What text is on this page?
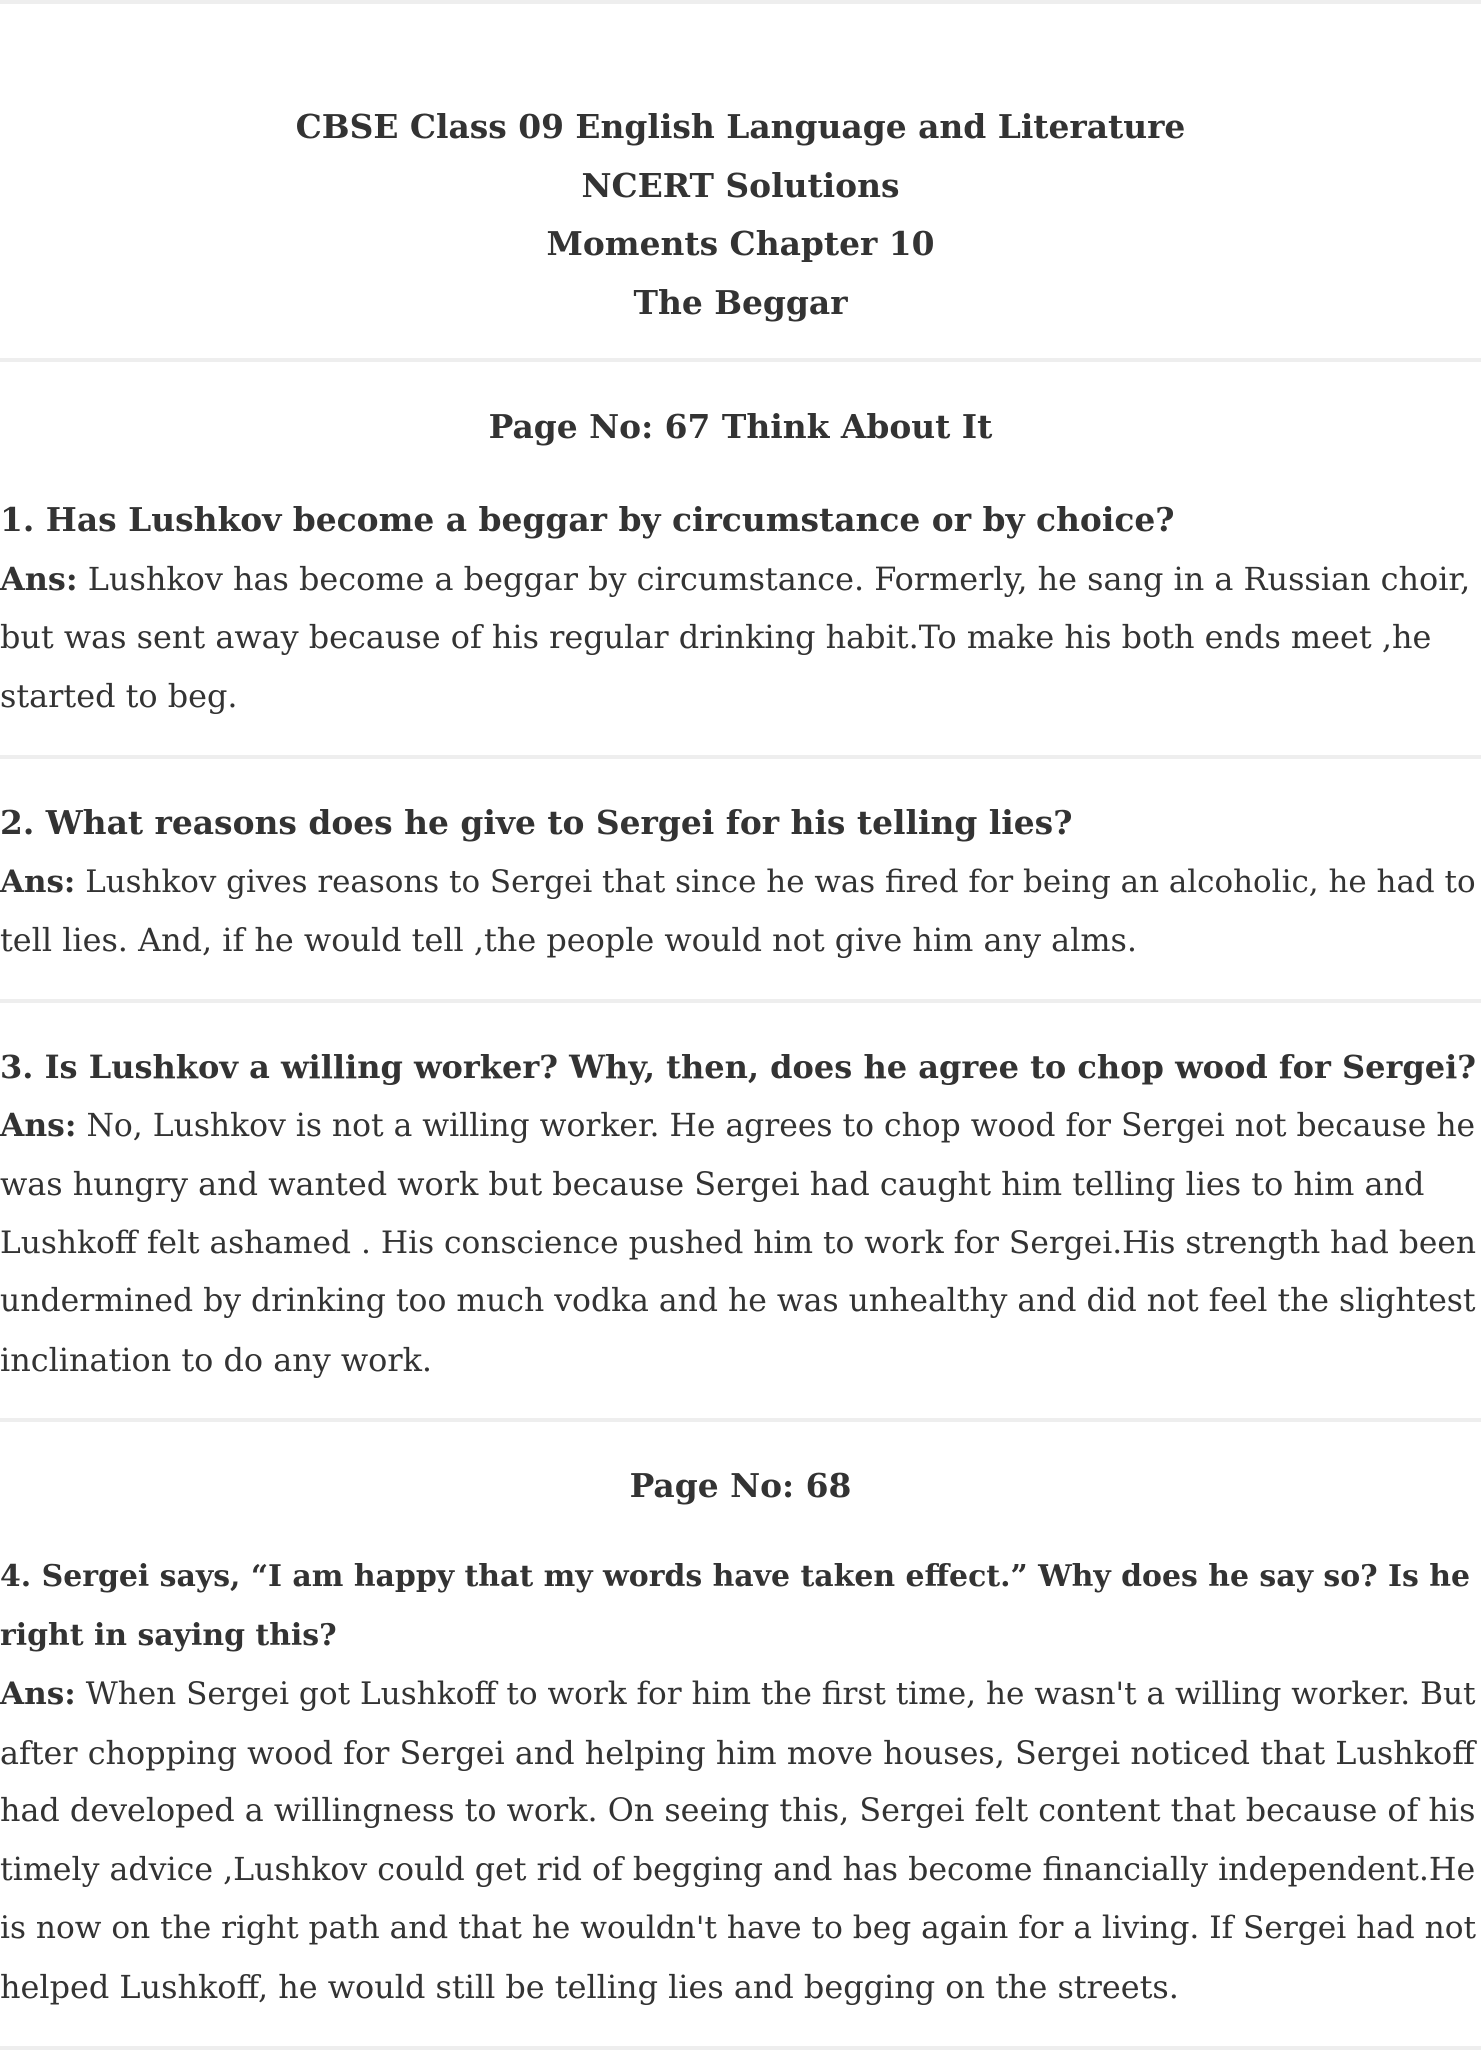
CBSE Class 09 English Language and Literature
NCERT Solutions
Moments Chapter 10
The Beggar
Page No: 67 Think About It
1. Has Lushkov become a beggar by circumstance or by choice?
Ans: Lushkov has become a beggar by circumstance. Formerly, he sang in a Russian choir,
but was sent away because of his regular drinking habit.To make his both ends meet ,he
started to beg.
2. What reasons does he give to Sergei for his telling lies?
Ans: Lushkov gives reasons to Sergei that since he was fired for being an alcoholic, he had to
tell lies. And, if he would tell ,the people would not give him any alms.
3. Is Lushkov a willing worker? Why, then, does he agree to chop wood for Sergei?
Ans: No, Lushkov is not a willing worker. He agrees to chop wood for Sergei not because he
was hungry and wanted work but because Sergei had caught him telling lies to him and
Lushkoff felt ashamed . His conscience pushed him to work for Sergei.His strength had been
undermined by drinking too much vodka and he was unhealthy and did not feel the slightest
inclination to do any work.
Page No: 68
4. Sergei says, “I am happy that my words have taken effect.” Why does he say so? Is he
right in saying this?
Ans: When Sergei got Lushkoff to work for him the first time, he wasn't a willing worker. But
after chopping wood for Sergei and helping him move houses, Sergei noticed that Lushkoff
had developed a willingness to work. On seeing this, Sergei felt content that because of his
timely advice ,Lushkov could get rid of begging and has become financially independent.He
is now on the right path and that he wouldn't have to beg again for a living. If Sergei had not
helped Lushkoff, he would still be telling lies and begging on the streets.
